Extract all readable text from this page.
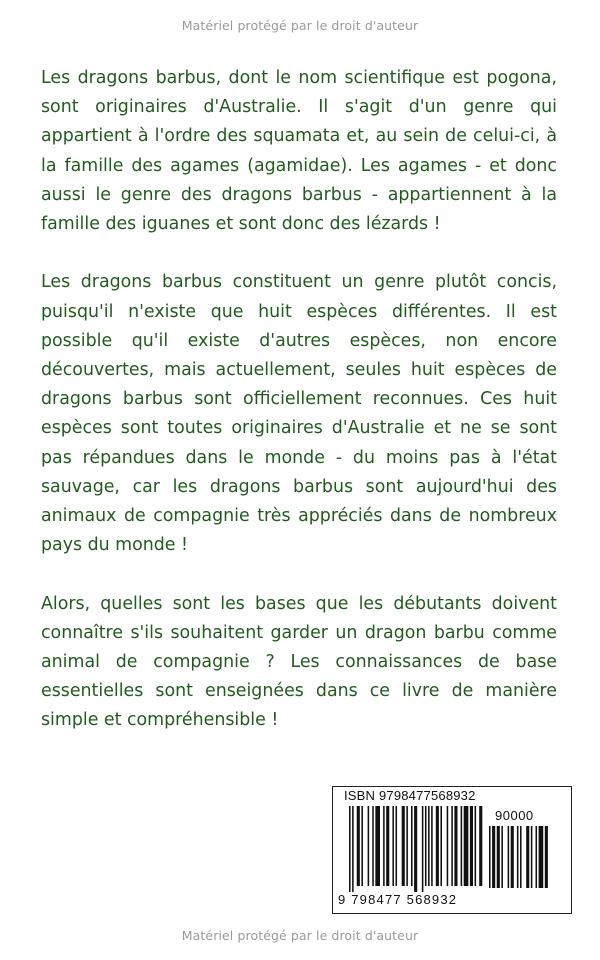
Matériel protégé par le droit d'auteur

Les dragons barbus, dont le nom scientifique est pogona, sont originaires d'Australie. Il s'agit d'un genre qui appartient à l'ordre des squamata et, au sein de celui-ci, à la famille des agames (agamidae). Les agames - et donc aussi le genre des dragons barbus - appartiennent à la famille des iguanes et sont donc des lézards !

Les dragons barbus constituent un genre plutôt concis, puisqu'il n'existe que huit espèces différentes. Il est possible qu'il existe d'autres espèces, non encore découvertes, mais actuellement, seules huit espèces de dragons barbus sont officiellement reconnues. Ces huit espèces sont toutes originaires d'Australie et ne se sont pas répandues dans le monde - du moins pas à l'état sauvage, car les dragons barbus sont aujourd'hui des animaux de compagnie très appréciés dans de nombreux pays du monde !

Alors, quelles sont les bases que les débutants doivent connaître s'ils souhaitent garder un dragon barbu comme animal de compagnie ? Les connaissances de base essentielles sont enseignées dans ce livre de manière simple et compréhensible !

ISBN 9798477568932
90000
9 798477 568932
Matériel protégé par le droit d'auteur
